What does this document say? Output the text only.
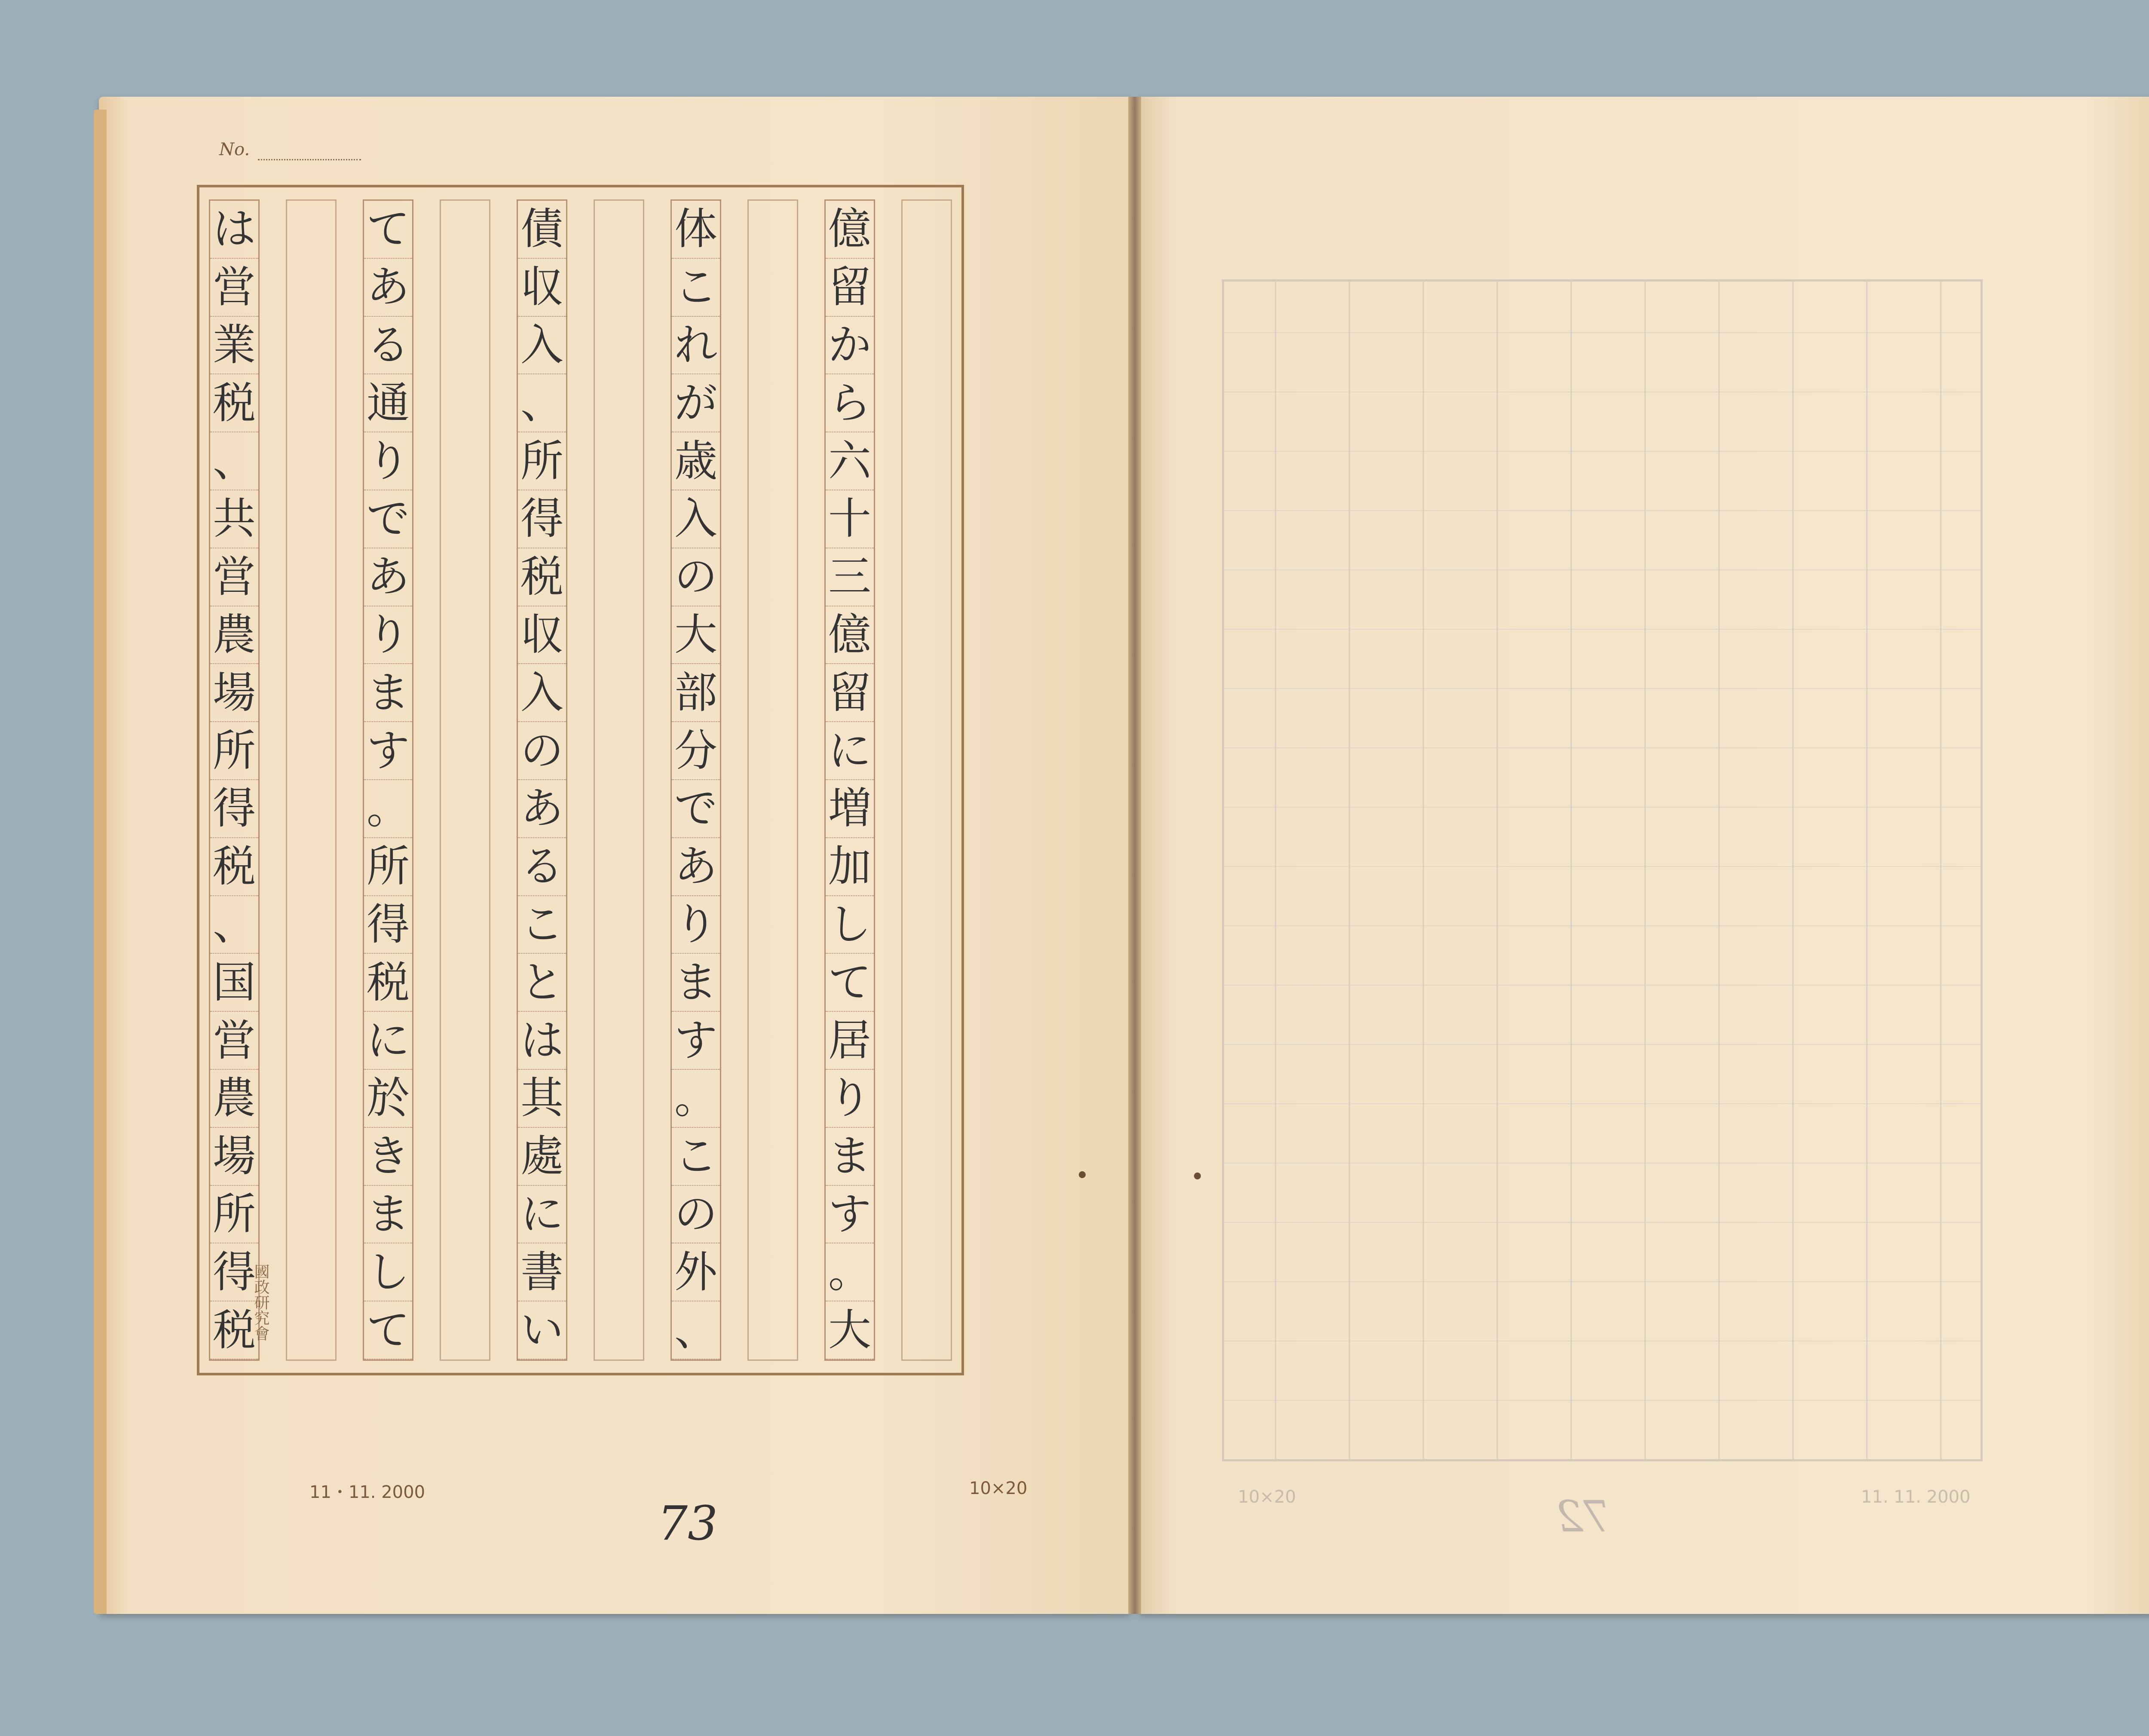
No.
億
留
か
ら
六
十
三
億
留
に
増
加
し
て
居
り
ま
す
。
大
体
こ
れ
が
歳
入
の
大
部
分
で
あ
り
ま
す
。
こ
の
外
、
債
収
入
、
所
得
税
収
入
の
あ
る
こ
と
は
其
處
に
書
い
て
あ
る
通
り
で
あ
り
ま
す
。
所
得
税
に
於
き
ま
し
て
は
営
業
税
、
共
営
農
場
所
得
税
、
国
営
農
場
所
得
税
國政研究會
11・11. 2000	10×20
73	11. 11. 2000
10×20	72
